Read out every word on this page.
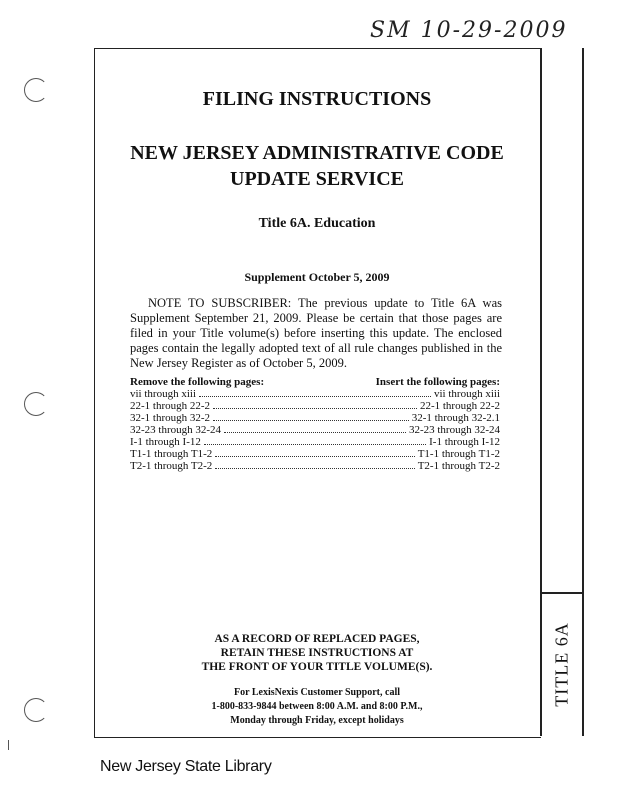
SM 10-29-2009
TITLE 6A
FILING INSTRUCTIONS
NEW JERSEY ADMINISTRATIVE CODE
UPDATE SERVICE
Title 6A. Education
Supplement October 5, 2009
NOTE TO SUBSCRIBER: The previous update to Title 6A was Supplement September 21, 2009. Please be certain that those pages are filed in your Title volume(s) before inserting this update. The enclosed pages contain the legally adopted text of all rule changes published in the New Jersey Register as of October 5, 2009.
Remove the following pages:	Insert the following pages:
vii through xiii	vii through xiii
22-1 through 22-2	22-1 through 22-2
32-1 through 32-2	32-1 through 32-2.1
32-23 through 32-24	32-23 through 32-24
I-1 through I-12	I-1 through I-12
T1-1 through T1-2	T1-1 through T1-2
T2-1 through T2-2	T2-1 through T2-2
AS A RECORD OF REPLACED PAGES,
RETAIN THESE INSTRUCTIONS AT
THE FRONT OF YOUR TITLE VOLUME(S).
For LexisNexis Customer Support, call
1-800-833-9844 between 8:00 A.M. and 8:00 P.M.,
Monday through Friday, except holidays
New Jersey State Library
